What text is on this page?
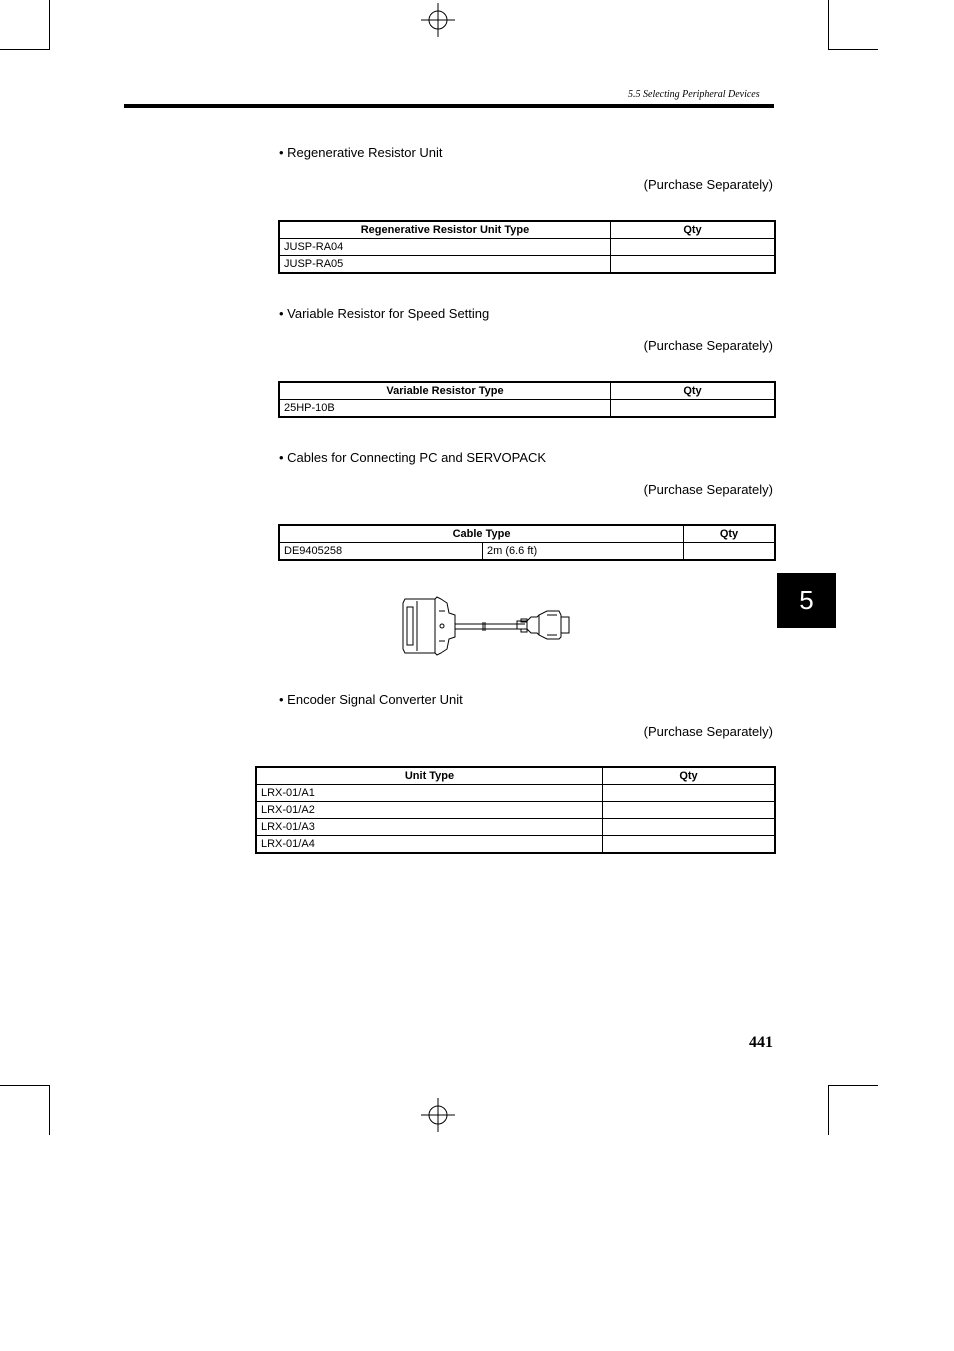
5.5 Selecting Peripheral Devices
• Regenerative Resistor Unit
(Purchase Separately)
Regenerative Resistor Unit Type	Qty
JUSP-RA04	
JUSP-RA05	
• Variable Resistor for Speed Setting
(Purchase Separately)
Variable Resistor Type	Qty
25HP-10B	
• Cables for Connecting PC and SERVOPACK
(Purchase Separately)
Cable Type		Qty
DE9405258	2m (6.6 ft)	
5
• Encoder Signal Converter Unit
(Purchase Separately)
Unit Type	Qty
LRX-01/A1	
LRX-01/A2	
LRX-01/A3	
LRX-01/A4	
441
